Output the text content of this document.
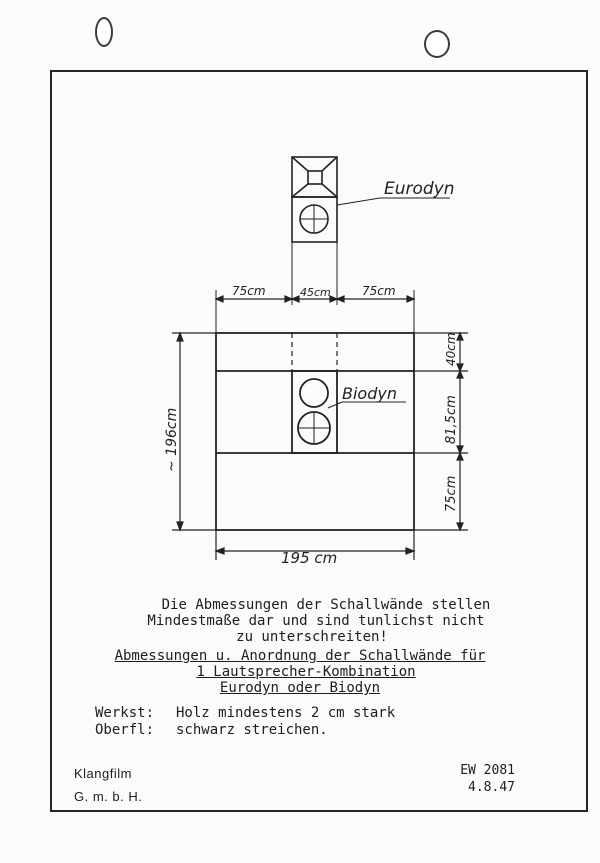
75cm	45cm	75cm
Eurodyn
Biodyn
~ 196cm
40cm
81,5cm
75cm
195 cm
Die Abmessungen der Schallwände stellen
Mindestmaße dar und sind tunlichst nicht
zu unterschreiten!
Abmessungen u. Anordnung der Schallwände für
1 Lautsprecher-Kombination
Eurodyn oder Biodyn
Werkst: Holz mindestens 2 cm stark
Oberfl: schwarz streichen.
Klangfilm
G. m. b. H.
EW 2081
4.8.47
